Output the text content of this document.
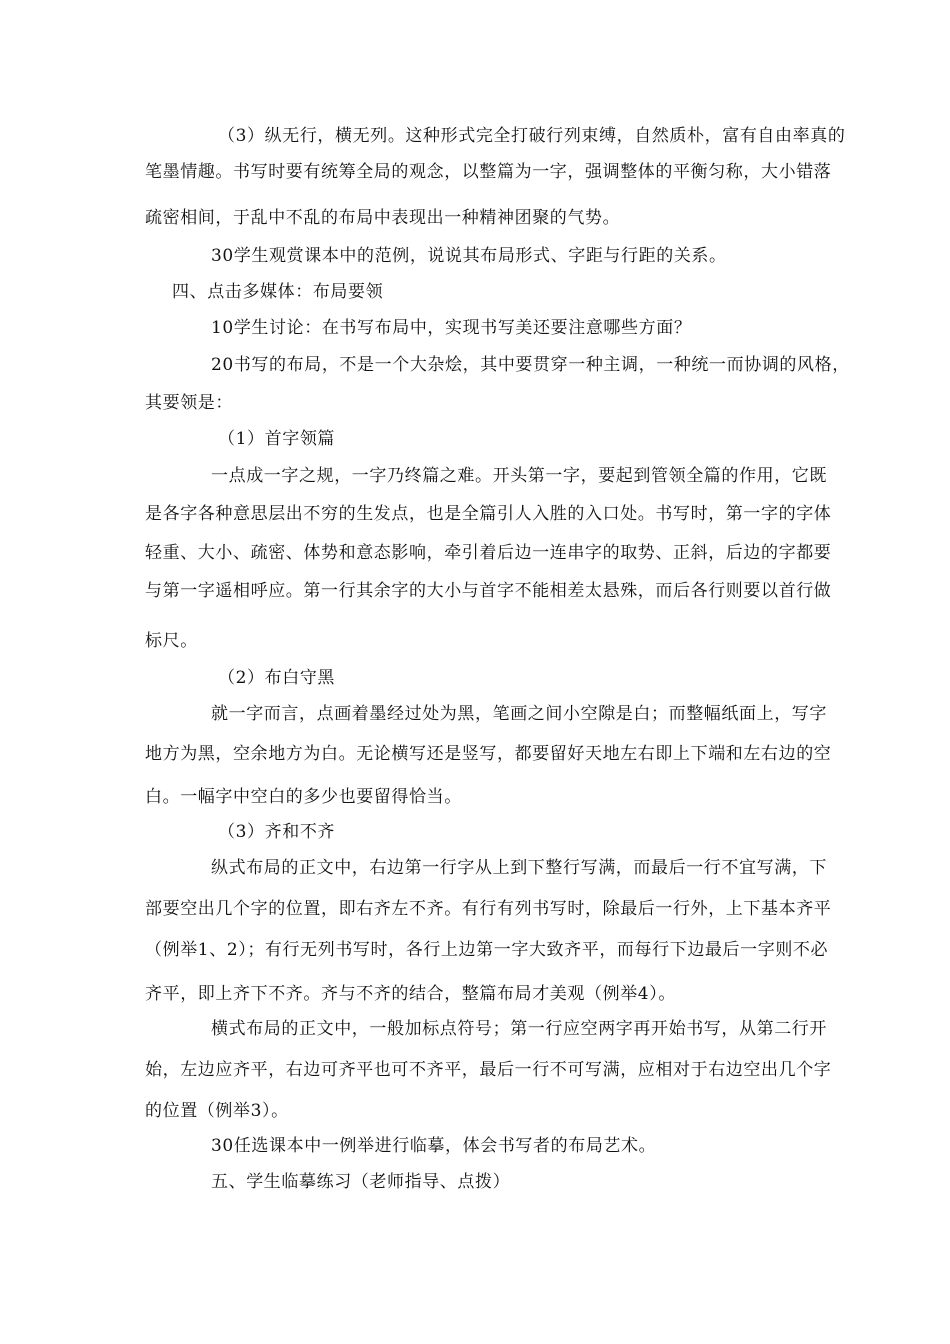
（3）纵无行，横无列。这种形式完全打破行列束缚，自然质朴，富有自由率真的
笔墨情趣。书写时要有统筹全局的观念，以整篇为一字，强调整体的平衡匀称，大小错落
疏密相间，于乱中不乱的布局中表现出一种精神团聚的气势。
30学生观赏课本中的范例，说说其布局形式、字距与行距的关系。
四、点击多媒体：布局要领
10学生讨论：在书写布局中，实现书写美还要注意哪些方面？
20书写的布局，不是一个大杂烩，其中要贯穿一种主调，一种统一而协调的风格，
其要领是：
（1）首字领篇
一点成一字之规，一字乃终篇之难。开头第一字，要起到管领全篇的作用，它既
是各字各种意思层出不穷的生发点，也是全篇引人入胜的入口处。书写时，第一字的字体
轻重、大小、疏密、体势和意态影响，牵引着后边一连串字的取势、正斜，后边的字都要
与第一字遥相呼应。第一行其余字的大小与首字不能相差太悬殊，而后各行则要以首行做
标尺。
（2）布白守黑
就一字而言，点画着墨经过处为黑，笔画之间小空隙是白；而整幅纸面上，写字
地方为黑，空余地方为白。无论横写还是竖写，都要留好天地左右即上下端和左右边的空
白。一幅字中空白的多少也要留得恰当。
（3）齐和不齐
纵式布局的正文中，右边第一行字从上到下整行写满，而最后一行不宜写满，下
部要空出几个字的位置，即右齐左不齐。有行有列书写时，除最后一行外，上下基本齐平
（例举1、2）；有行无列书写时，各行上边第一字大致齐平，而每行下边最后一字则不必
齐平，即上齐下不齐。齐与不齐的结合，整篇布局才美观（例举4）。
横式布局的正文中，一般加标点符号；第一行应空两字再开始书写，从第二行开
始，左边应齐平，右边可齐平也可不齐平，最后一行不可写满，应相对于右边空出几个字
的位置（例举3）。
30任选课本中一例举进行临摹，体会书写者的布局艺术。
五、学生临摹练习（老师指导、点拨）
